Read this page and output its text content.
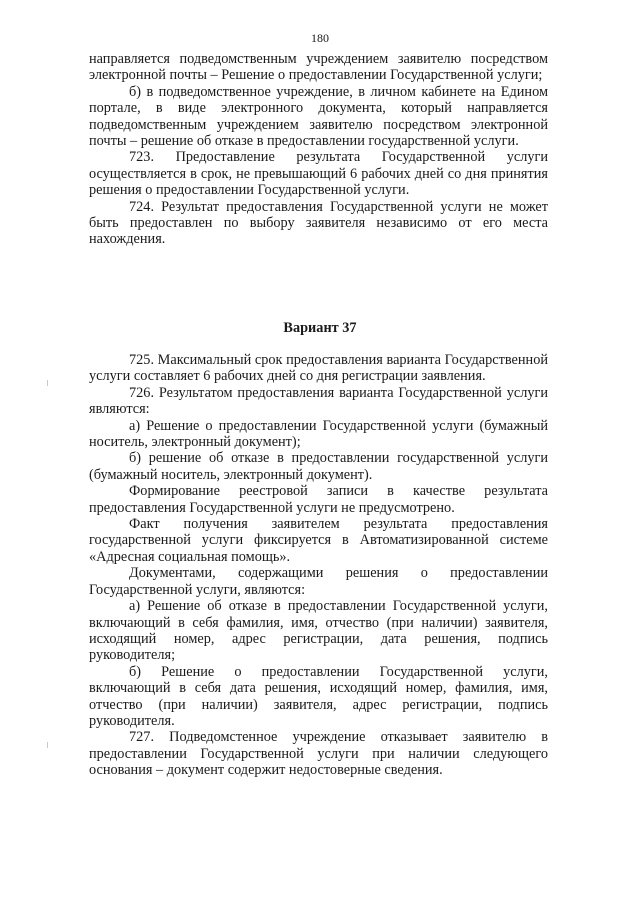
180

направляется подведомственным учреждением заявителю посредством электронной почты – Решение о предоставлении Государственной услуги;

б) в подведомственное учреждение, в личном кабинете на Едином портале, в виде электронного документа, который направляется подведомственным учреждением заявителю посредством электронной почты – решение об отказе в предоставлении государственной услуги.

723. Предоставление результата Государственной услуги осуществляется в срок, не превышающий 6 рабочих дней со дня принятия решения о предоставлении Государственной услуги.

724. Результат предоставления Государственной услуги не может быть предоставлен по выбору заявителя независимо от его места нахождения.

Вариант 37

725. Максимальный срок предоставления варианта Государственной услуги составляет 6 рабочих дней со дня регистрации заявления.

726. Результатом предоставления варианта Государственной услуги являются:

а) Решение о предоставлении Государственной услуги (бумажный носитель, электронный документ);

б) решение об отказе в предоставлении государственной услуги (бумажный носитель, электронный документ).

Формирование реестровой записи в качестве результата предоставления Государственной услуги не предусмотрено.

Факт получения заявителем результата предоставления государственной услуги фиксируется в Автоматизированной системе «Адресная социальная помощь».

Документами, содержащими решения о предоставлении Государственной услуги, являются:

а) Решение об отказе в предоставлении Государственной услуги, включающий в себя фамилия, имя, отчество (при наличии) заявителя, исходящий номер, адрес регистрации, дата решения, подпись руководителя;

б) Решение о предоставлении Государственной услуги, включающий в себя дата решения, исходящий номер, фамилия, имя, отчество (при наличии) заявителя, адрес регистрации, подпись руководителя.

727. Подведомстенное учреждение отказывает заявителю в предоставлении Государственной услуги при наличии следующего основания – документ содержит недостоверные сведения.
